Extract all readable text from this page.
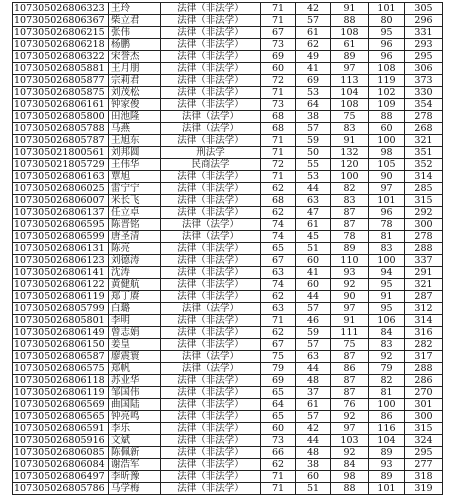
107305026806323	王玲	法律（非法学）	71	42	91	101	305
107305026806367	柴立君	法律（非法学）	71	57	88	80	296
107305026806215	张伟	法律（非法学）	67	61	108	95	331
107305026806218	杨鹏	法律（非法学）	73	62	61	96	293
107305026806322	宋誉杰	法律（非法学）	69	49	89	96	295
107305026805881	王月朋	法律（非法学）	60	41	97	108	306
107305026805877	宗莉君	法律（非法学）	72	69	113	119	373
107305026805875	刘茂松	法律（非法学）	71	53	104	102	330
107305026806161	钟家俊	法律（非法学）	73	64	108	109	354
107305026805800	田池隆	法律（法学）	68	38	75	88	278
107305026805788	马燕	法律（法学）	68	57	83	60	268
107305026805787	王旭东	法律（非法学）	71	59	91	100	321
107305021800561	刘邦圆	刑法学	71	50	132	98	351
107305021805729	王伟华	民商法学	72	55	120	105	352
107305026806163	覃旭	法律（非法学）	71	53	100	90	314
107305026806025	雷宁宁	法律（非法学）	62	44	82	97	285
107305026806007	米长飞	法律（非法学）	68	63	83	101	315
107305026806137	任立卓	法律（非法学）	62	47	87	96	292
107305026806595	陈晋铭	法律（法学）	74	61	87	78	300
107305026806599	唐圣清	法律（法学）	74	45	78	81	278
107305026806131	陈亮	法律（非法学）	65	51	89	83	288
107305026806123	刘德涛	法律（非法学）	67	60	110	100	337
107305026806141	沈涛	法律（非法学）	63	41	93	94	291
107305026806122	黄健航	法律（非法学）	74	60	92	95	321
107305026806119	郑丁赓	法律（非法学）	62	44	90	91	287
107305026805799	白璐	法律（法学）	63	57	97	95	312
107305026805801	李明	法律（非法学）	71	46	91	106	314
107305026806149	曾志娟	法律（非法学）	62	59	111	84	316
107305026806150	姜皇	法律（非法学）	67	57	75	83	282
107305026806587	廖震寰	法律（法学）	75	63	87	92	317
107305026806575	郑帆	法律（法学）	79	44	86	79	288
107305026806118	苏业华	法律（非法学）	69	48	87	82	286
107305026806119	邹国伟	法律（非法学）	65	37	87	81	270
107305026806569	曲国陆	法律（非法学）	64	61	76	100	301
107305026806565	钟亮鸣	法律（非法学）	65	57	92	86	300
107305026806591	李乐	法律（非法学）	60	42	97	116	315
107305026805916	文斌	法律（非法学）	73	44	103	104	324
107305026806085	陈佩新	法律（非法学）	66	48	92	89	295
107305026806084	谢浩军	法律（非法学）	62	38	84	93	277
107305026806497	李昕豫	法律（非法学）	71	60	98	89	318
107305026805786	马学梅	法律（非法学）	71	51	88	101	319
